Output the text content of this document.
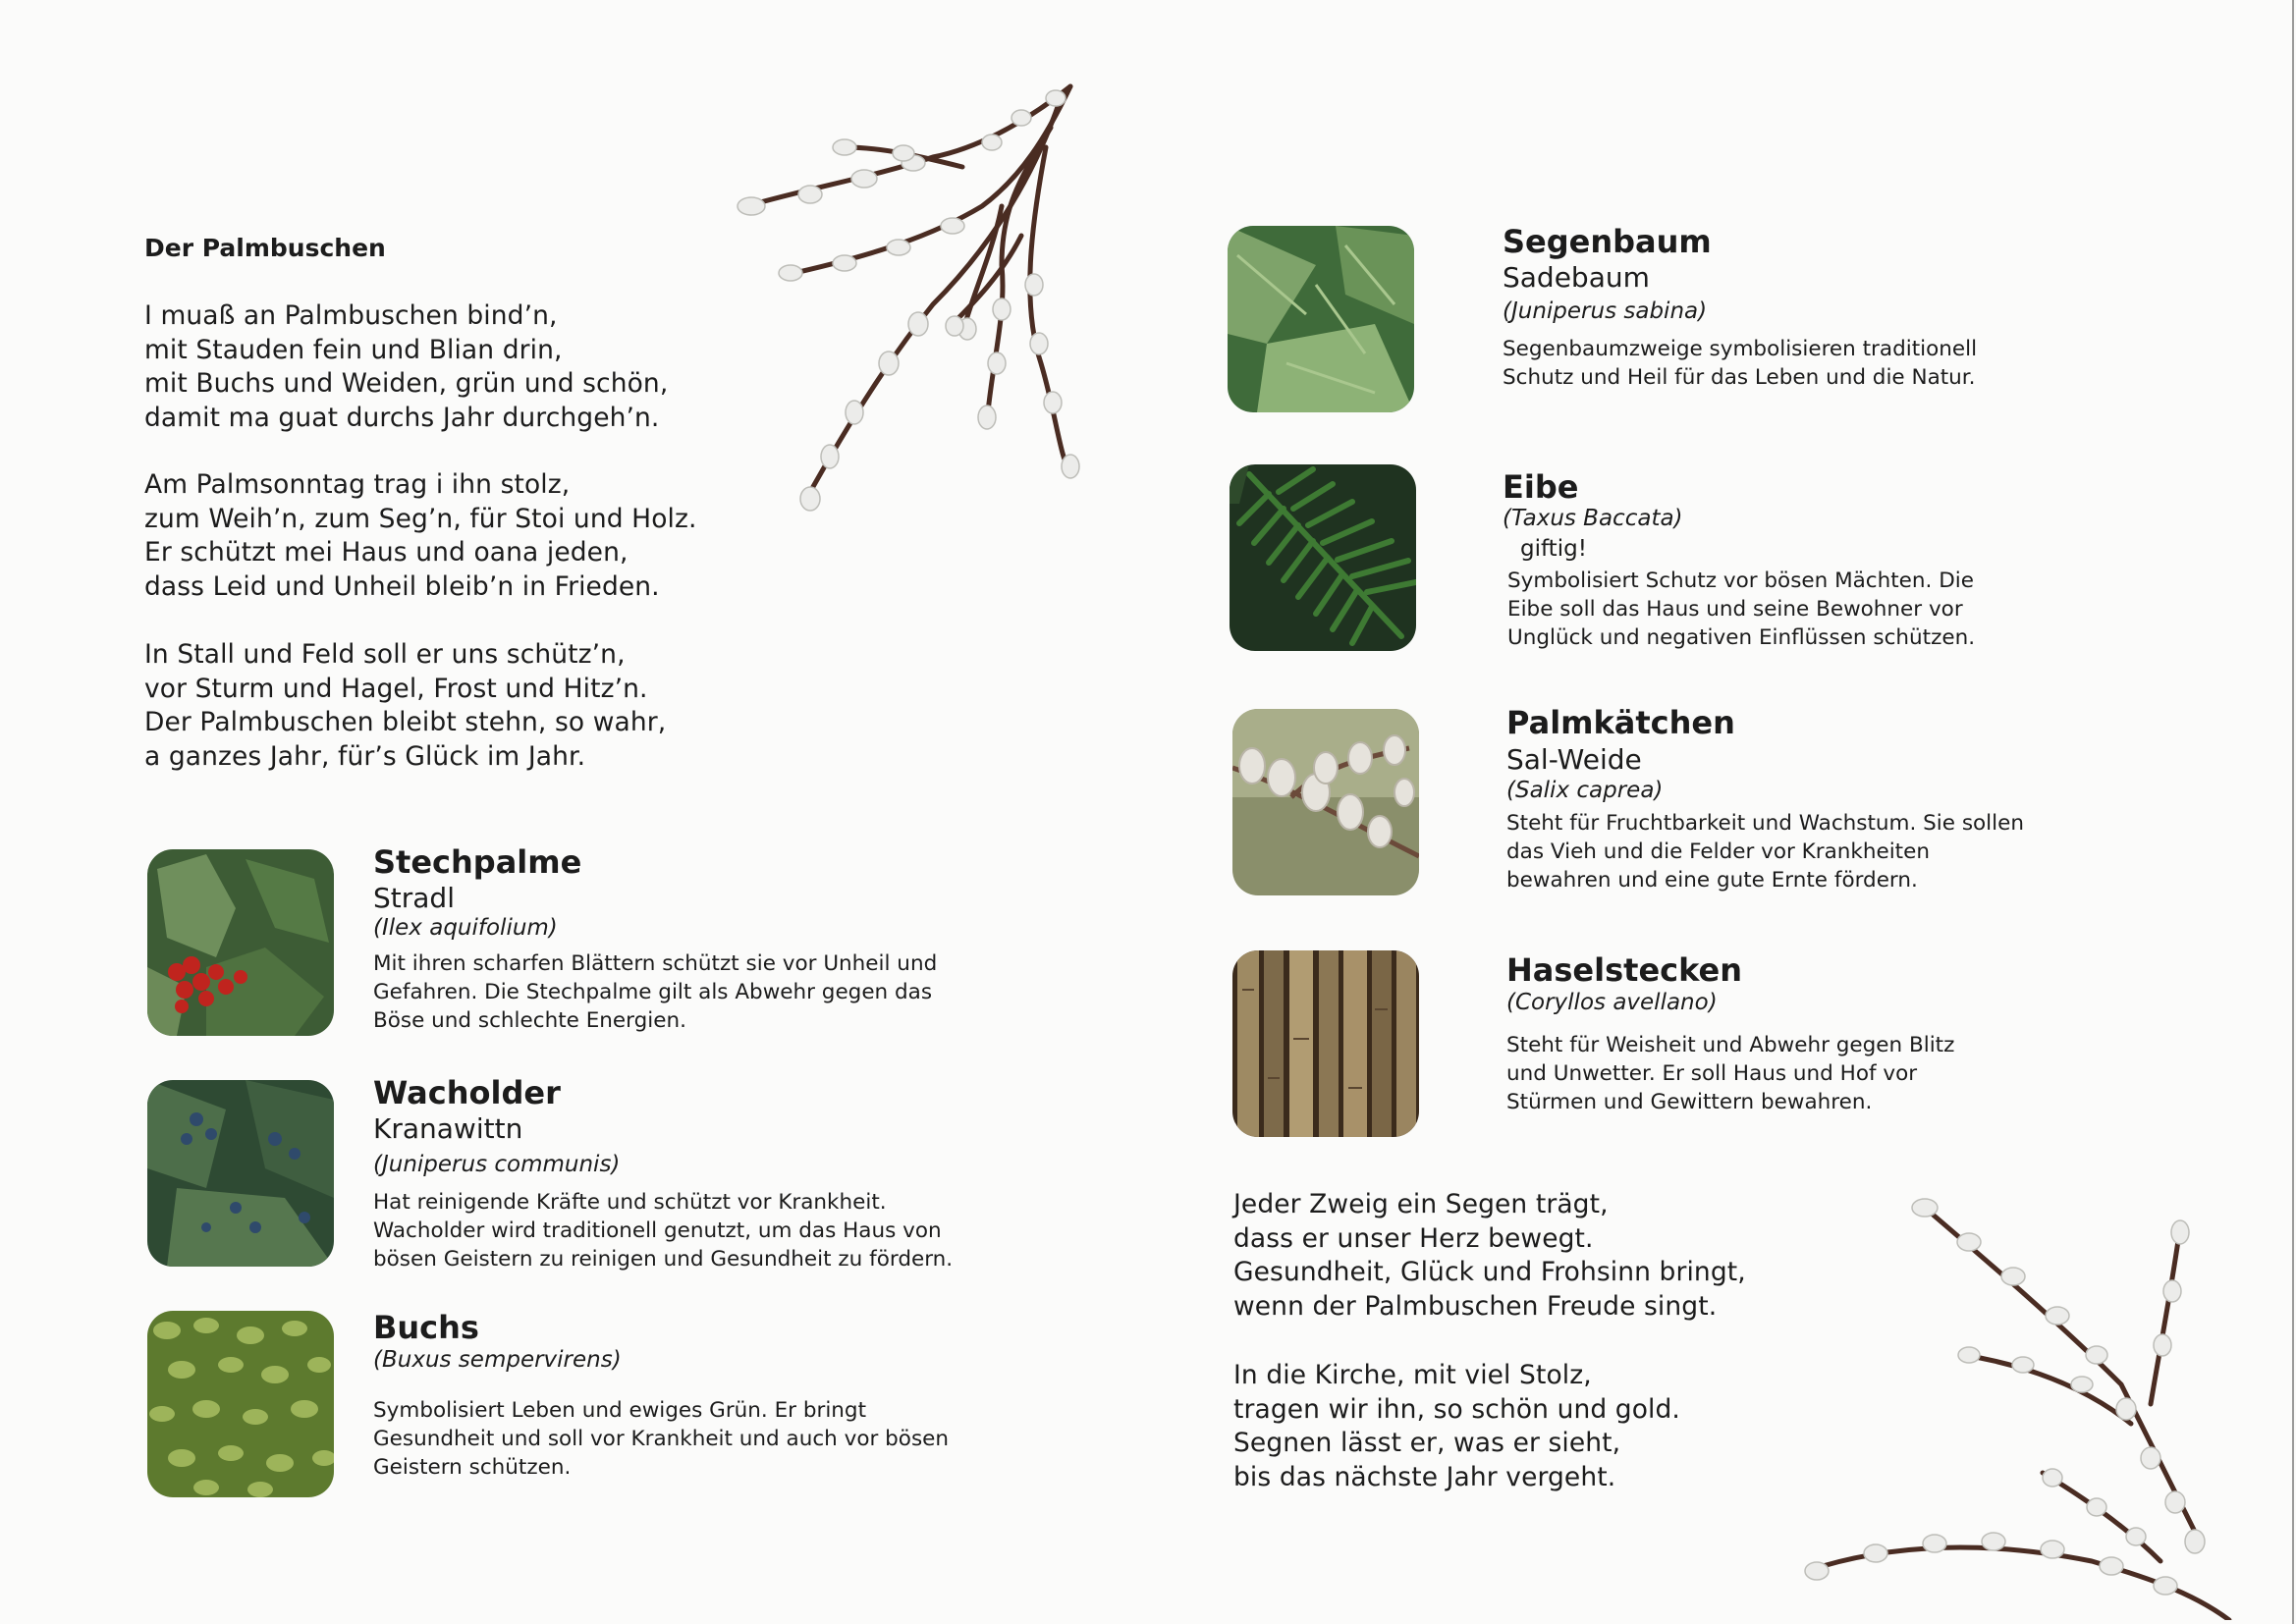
Der Palmbuschen
I muaß an Palmbuschen bind’n,
mit Stauden fein und Blian drin,
mit Buchs und Weiden, grün und schön,
damit ma guat durchs Jahr durchgeh’n.
Am Palmsonntag trag i ihn stolz,
zum Weih’n, zum Seg’n, für Stoi und Holz.
Er schützt mei Haus und oana jeden,
dass Leid und Unheil bleib’n in Frieden.
In Stall und Feld soll er uns schütz’n,
vor Sturm und Hagel, Frost und Hitz’n.
Der Palmbuschen bleibt stehn, so wahr,
a ganzes Jahr, für’s Glück im Jahr.
Stechpalme
Stradl
(Ilex aquifolium)
Mit ihren scharfen Blättern schützt sie vor Unheil und
Gefahren. Die Stechpalme gilt als Abwehr gegen das
Böse und schlechte Energien.
Wacholder
Kranawittn
(Juniperus communis)
Hat reinigende Kräfte und schützt vor Krankheit.
Wacholder wird traditionell genutzt, um das Haus von
bösen Geistern zu reinigen und Gesundheit zu fördern.
Buchs
(Buxus sempervirens)
Symbolisiert Leben und ewiges Grün. Er bringt
Gesundheit und soll vor Krankheit und auch vor bösen
Geistern schützen.
Segenbaum
Sadebaum
(Juniperus sabina)
Segenbaumzweige symbolisieren traditionell
Schutz und Heil für das Leben und die Natur.
Eibe
(Taxus Baccata)
giftig!
Symbolisiert Schutz vor bösen Mächten. Die
Eibe soll das Haus und seine Bewohner vor
Unglück und negativen Einflüssen schützen.
Palmkätchen
Sal-Weide
(Salix caprea)
Steht für Fruchtbarkeit und Wachstum. Sie sollen
das Vieh und die Felder vor Krankheiten
bewahren und eine gute Ernte fördern.
Haselstecken
(Coryllos avellano)
Steht für Weisheit und Abwehr gegen Blitz
und Unwetter. Er soll Haus und Hof vor
Stürmen und Gewittern bewahren.
Jeder Zweig ein Segen trägt,
dass er unser Herz bewegt.
Gesundheit, Glück und Frohsinn bringt,
wenn der Palmbuschen Freude singt.
In die Kirche, mit viel Stolz,
tragen wir ihn, so schön und gold.
Segnen lässt er, was er sieht,
bis das nächste Jahr vergeht.
